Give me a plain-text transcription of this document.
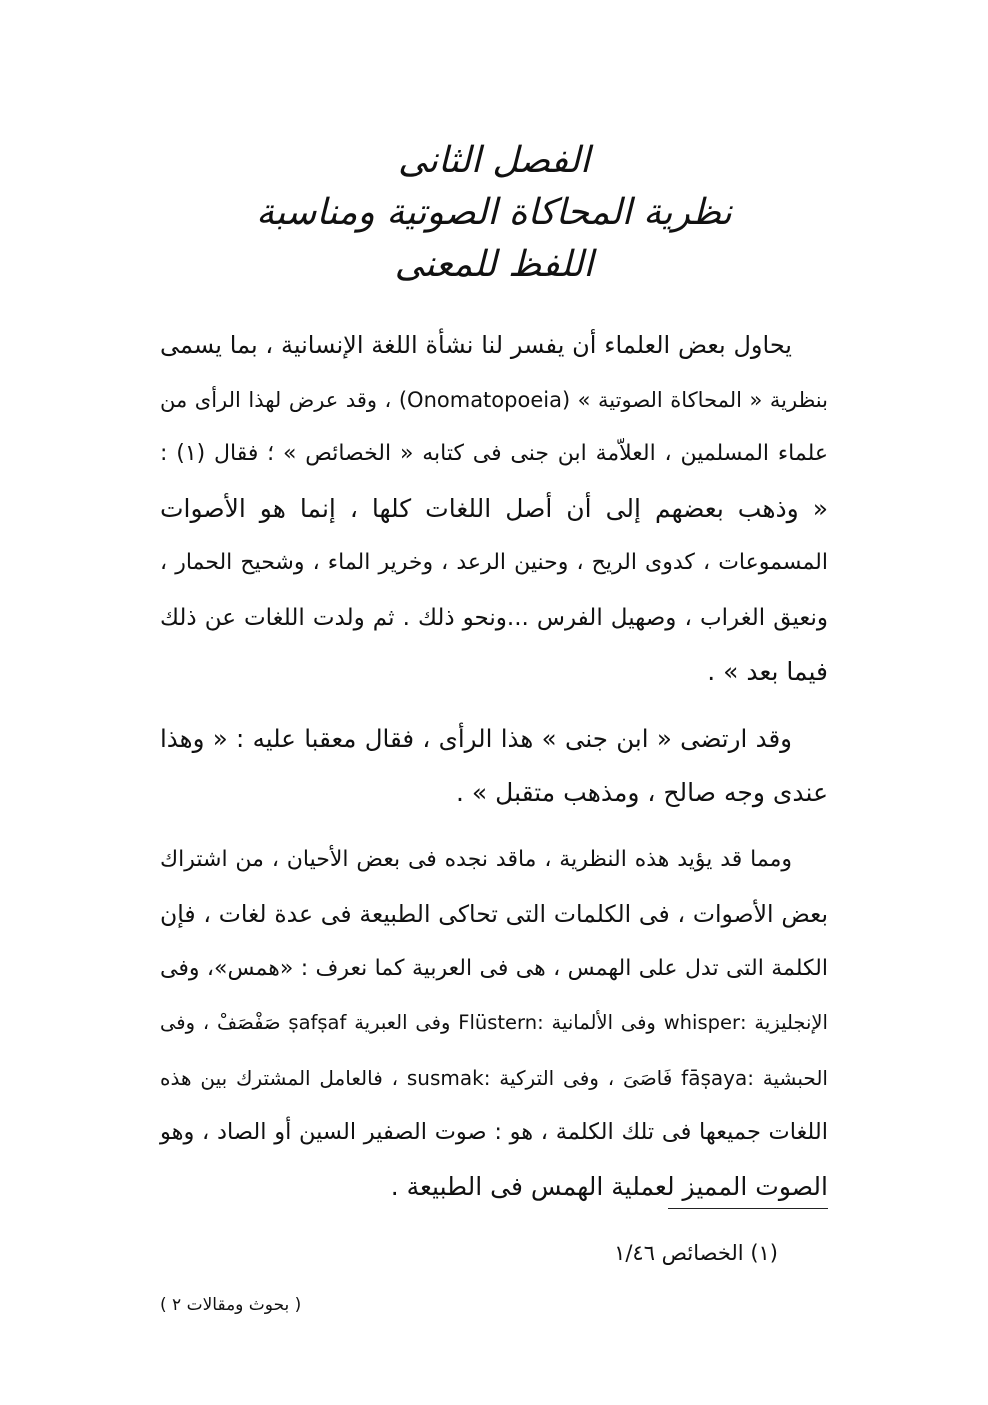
الفصل الثانى
نظرية المحاكاة الصوتية ومناسبة
اللفظ للمعنى

يحاول بعض العلماء أن يفسر لنا نشأة اللغة الإنسانية ، بما يسمى
بنظرية « المحاكاة الصوتية » (Onomatopoeia) ، وقد عرض لهذا الرأى من
علماء المسلمين ، العلاّمة ابن جنى فى كتابه « الخصائص » ؛ فقال (١) :
« وذهب بعضهم إلى أن أصل اللغات كلها ، إنما هو الأصوات
المسموعات ، كدوى الريح ، وحنين الرعد ، وخرير الماء ، وشحيح الحمار ،
ونعيق الغراب ، وصهيل الفرس ...ونحو ذلك . ثم ولدت اللغات عن ذلك
فيما بعد » .

وقد ارتضى « ابن جنى » هذا الرأى ، فقال معقبا عليه : « وهذا
عندى وجه صالح ، ومذهب متقبل » .

ومما قد يؤيد هذه النظرية ، ماقد نجده فى بعض الأحيان ، من اشتراك
بعض الأصوات ، فى الكلمات التى تحاكى الطبيعة فى عدة لغات ، فإن
الكلمة التى تدل على الهمس ، هى فى العربية كما نعرف : «همس»، وفى
الإنجليزية :whisper وفى الألمانية :Flüstern وفى العبرية ṣafṣaf صَفْصَفْ ، وفى
الحبشية :fāṣaya فَاصَىَ ، وفى التركية :susmak ، فالعامل المشترك بين هذه
اللغات جميعها فى تلك الكلمة ، هو : صوت الصفير السين أو الصاد ، وهو
الصوت المميز لعملية الهمس فى الطبيعة .

(١) الخصائص ١/٤٦
( بحوث ومقالات ٢ )
